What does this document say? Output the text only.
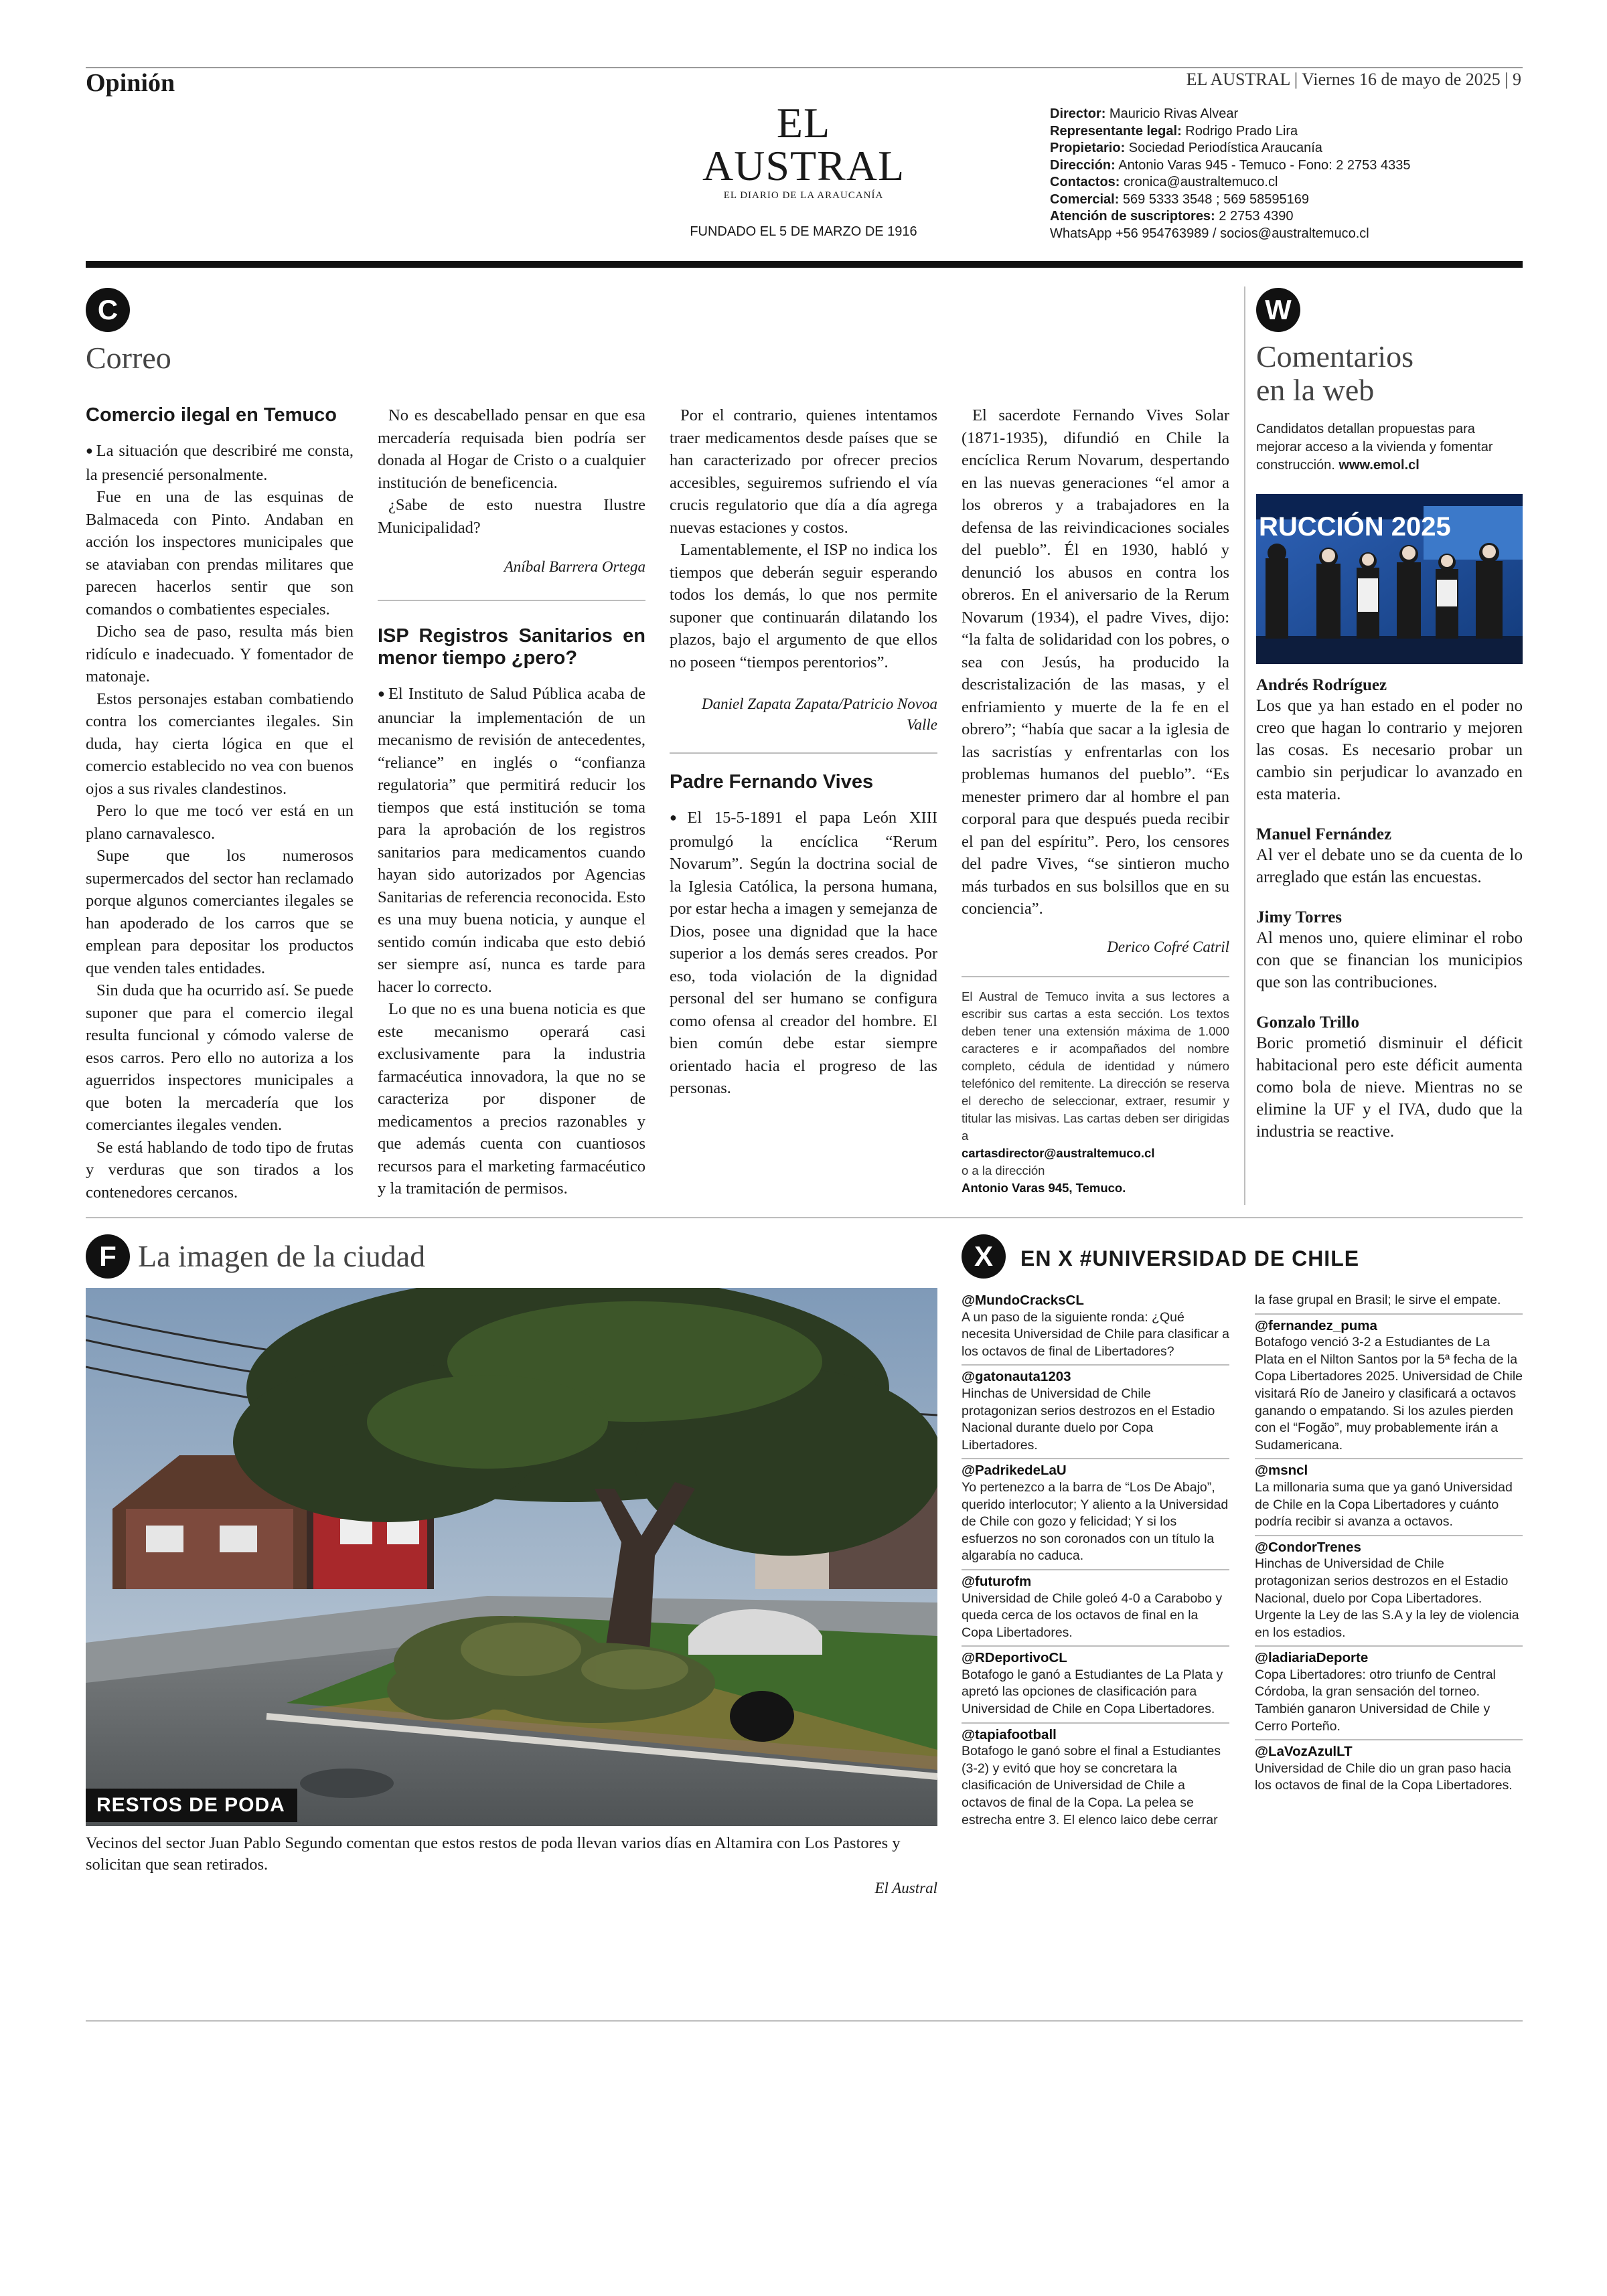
Opinión	EL AUSTRAL | Viernes 16 de mayo de 2025 | 9
EL AUSTRAL
EL DIARIO DE LA ARAUCANÍA
FUNDADO EL 5 DE MARZO DE 1916
Director: Mauricio Rivas Alvear
Representante legal: Rodrigo Prado Lira
Propietario: Sociedad Periodística Araucanía
Dirección: Antonio Varas 945 - Temuco - Fono: 2 2753 4335
Contactos: cronica@australtemuco.cl
Comercial: 569 5333 3548 ; 569 58595169
Atención de suscriptores: 2 2753 4390
WhatsApp +56 954763989 / socios@australtemuco.cl
C
Correo
Comercio ilegal en Temuco

● La situación que describiré me consta, la presencié personalmente.

Fue en una de las esquinas de Balmaceda con Pinto. Andaban en acción los inspectores municipales que se ataviaban con prendas militares que parecen hacerlos sentir que son comandos o combatientes especiales.

Dicho sea de paso, resulta más bien ridículo e inadecuado. Y fomentador de matonaje.

Estos personajes estaban combatiendo contra los comerciantes ilegales. Sin duda, hay cierta lógica en que el comercio establecido no vea con buenos ojos a sus rivales clandestinos.

Pero lo que me tocó ver está en un plano carnavalesco.

Supe que los numerosos supermercados del sector han reclamado porque algunos comerciantes ilegales se han apoderado de los carros que se emplean para depositar los productos que venden tales entidades.

Sin duda que ha ocurrido así. Se puede suponer que para el comercio ilegal resulta funcional y cómodo valerse de esos carros. Pero ello no autoriza a los aguerridos inspectores municipales a que boten la mercadería que los comerciantes ilegales venden.

Se está hablando de todo tipo de frutas y verduras que son tirados a los contenedores cercanos.

No es descabellado pensar en que esa mercadería requisada bien podría ser donada al Hogar de Cristo o a cualquier institución de beneficencia.

¿Sabe de esto nuestra Ilustre Municipalidad?

Aníbal Barrera Ortega
ISP Registros Sanitarios en menor tiempo ¿pero?

● El Instituto de Salud Pública acaba de anunciar la implementación de un mecanismo de revisión de antecedentes, “reliance” en inglés o “confianza regulatoria” que permitirá reducir los tiempos que está institución se toma para la aprobación de los registros sanitarios para medicamentos cuando hayan sido autorizados por Agencias Sanitarias de referencia reconocida. Esto es una muy buena noticia, y aunque el sentido común indicaba que esto debió ser siempre así, nunca es tarde para hacer lo correcto.

Lo que no es una buena noticia es que este mecanismo operará casi exclusivamente para la industria farmacéutica innovadora, la que no se caracteriza por disponer de medicamentos a precios razonables y que además cuenta con cuantiosos recursos para el marketing farmacéutico y la tramitación de permisos.

Por el contrario, quienes intentamos traer medicamentos desde países que se han caracterizado por ofrecer precios accesibles, seguiremos sufriendo el vía crucis regulatorio que día a día agrega nuevas estaciones y costos.

Lamentablemente, el ISP no indica los tiempos que deberán seguir esperando todos los demás, lo que nos permite suponer que continuarán dilatando los plazos, bajo el argumento de que ellos no poseen “tiempos perentorios”.

Daniel Zapata Zapata/Patricio Novoa Valle
Padre Fernando Vives

● El 15-5-1891 el papa León XIII promulgó la encíclica “Rerum Novarum”. Según la doctrina social de la Iglesia Católica, la persona humana, por estar hecha a imagen y semejanza de Dios, posee una dignidad que la hace superior a los demás seres creados. Por eso, toda violación de la dignidad personal del ser humano se configura como ofensa al creador del hombre. El bien común debe estar siempre orientado hacia el progreso de las personas.

El sacerdote Fernando Vives Solar (1871-1935), difundió en Chile la encíclica Rerum Novarum, despertando en las nuevas generaciones “el amor a los obreros y a trabajadores en la defensa de las reivindicaciones sociales del pueblo”. Él en 1930, habló y denunció los abusos en contra los obreros. En el aniversario de la Rerum Novarum (1934), el padre Vives, dijo: “la falta de solidaridad con los pobres, o sea con Jesús, ha producido la descristalización de las masas, y el enfriamiento y muerte de la fe en el obrero”; “había que sacar a la iglesia de las sacristías y enfrentarlas con los problemas humanos del pueblo”. “Es menester primero dar al hombre el pan corporal para que después pueda recibir el pan del espíritu”. Pero, los censores del padre Vives, “se sintieron mucho más turbados en sus bolsillos que en su conciencia”.

Derico Cofré Catril
El Austral de Temuco invita a sus lectores a escribir sus cartas a esta sección. Los textos deben tener una extensión máxima de 1.000 caracteres e ir acompañados del nombre completo, cédula de identidad y número telefónico del remitente. La dirección se reserva el derecho de seleccionar, extraer, resumir y titular las misivas. Las cartas deben ser dirigidas a
cartasdirector@australtemuco.cl
o a la dirección
Antonio Varas 945, Temuco.
W
Comentarios
en la web
Candidatos detallan propuestas para mejorar acceso a la vivienda y fomentar construcción. www.emol.cl
RUCCIÓN 2025
Andrés Rodríguez
Los que ya han estado en el poder no creo que hagan lo contrario y mejoren las cosas. Es necesario probar un cambio sin perjudicar lo avanzado en esta materia.
Manuel Fernández
Al ver el debate uno se da cuenta de lo arreglado que están las encuestas.
Jimy Torres
Al menos uno, quiere eliminar el robo con que se financian los municipios que son las contribuciones.
Gonzalo Trillo
Boric prometió disminuir el déficit habitacional pero este déficit aumenta como bola de nieve. Mientras no se elimine la UF y el IVA, dudo que la industria se reactive.
F La imagen de la ciudad
RESTOS DE PODA
Vecinos del sector Juan Pablo Segundo comentan que estos restos de poda llevan varios días en Altamira con Los Pastores y solicitan que sean retirados.
El Austral
X	EN X #UNIVERSIDAD DE CHILE
@MundoCracksCL
A un paso de la siguiente ronda: ¿Qué necesita Universidad de Chile para clasificar a los octavos de final de Libertadores?
@gatonauta1203
Hinchas de Universidad de Chile protagonizan serios destrozos en el Estadio Nacional durante duelo por Copa Libertadores.
@PadrikedeLaU
Yo pertenezco a la barra de “Los De Abajo”, querido interlocutor; Y aliento a la Universidad de Chile con gozo y felicidad; Y si los esfuerzos no son coronados con un título la algarabía no caduca.
@futurofm
Universidad de Chile goleó 4-0 a Carabobo y queda cerca de los octavos de final en la Copa Libertadores.
@RDeportivoCL
Botafogo le ganó a Estudiantes de La Plata y apretó las opciones de clasificación para Universidad de Chile en Copa Libertadores.
@tapiafootball
Botafogo le ganó sobre el final a Estudiantes (3-2) y evitó que hoy se concretara la clasificación de Universidad de Chile a octavos de final de la Copa. La pelea se estrecha entre 3. El elenco laico debe cerrar
la fase grupal en Brasil; le sirve el empate.
@fernandez_puma
Botafogo venció 3-2 a Estudiantes de La Plata en el Nilton Santos por la 5ª fecha de la Copa Libertadores 2025. Universidad de Chile visitará Río de Janeiro y clasificará a octavos ganando o empatando. Si los azules pierden con el “Fogão”, muy probablemente irán a Sudamericana.
@msncl
La millonaria suma que ya ganó Universidad de Chile en la Copa Libertadores y cuánto podría recibir si avanza a octavos.
@CondorTrenes
Hinchas de Universidad de Chile protagonizan serios destrozos en el Estadio Nacional, duelo por Copa Libertadores. Urgente la Ley de las S.A y la ley de violencia en los estadios.
@ladiariaDeporte
Copa Libertadores: otro triunfo de Central Córdoba, la gran sensación del torneo. También ganaron Universidad de Chile y Cerro Porteño.
@LaVozAzulLT
Universidad de Chile dio un gran paso hacia los octavos de final de la Copa Libertadores.
